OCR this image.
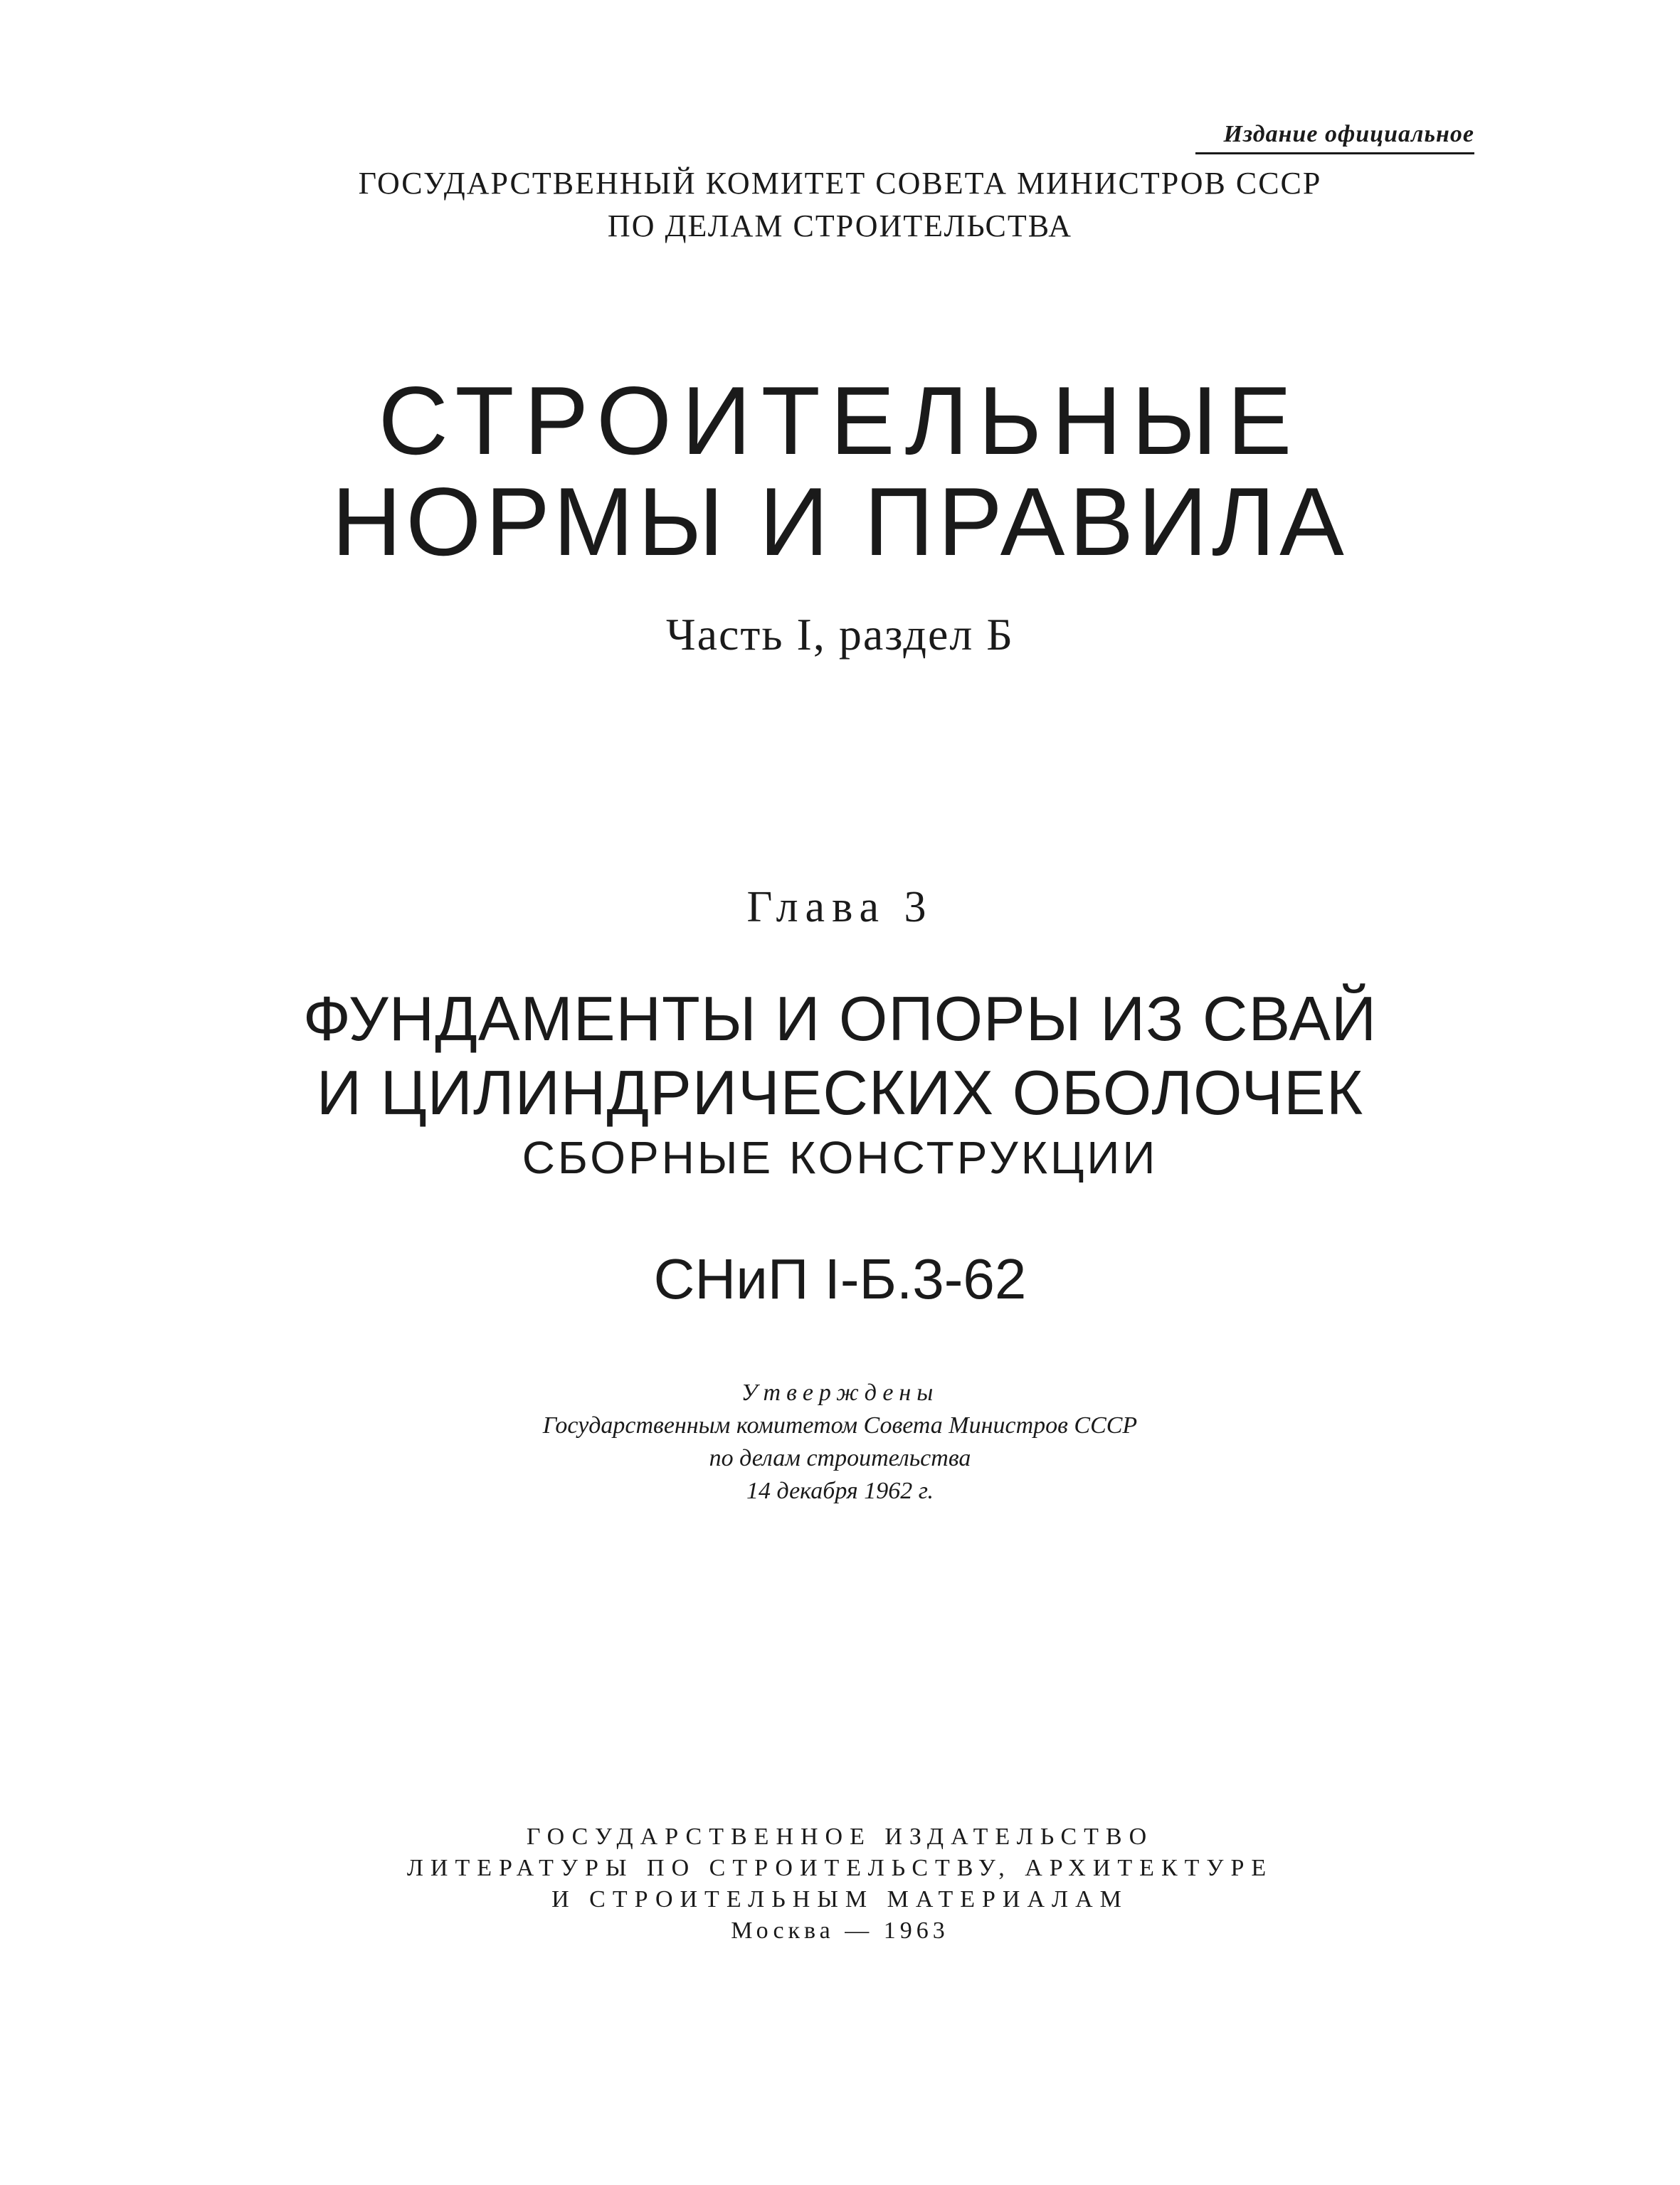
Издание официальное
ГОСУДАРСТВЕННЫЙ КОМИТЕТ СОВЕТА МИНИСТРОВ СССР
ПО ДЕЛАМ СТРОИТЕЛЬСТВА
СТРОИТЕЛЬНЫЕ
НОРМЫ И ПРАВИЛА
Часть I, раздел Б
Глава 3
ФУНДАМЕНТЫ И ОПОРЫ ИЗ СВАЙ
И ЦИЛИНДРИЧЕСКИХ ОБОЛОЧЕК
СБОРНЫЕ КОНСТРУКЦИИ
СНиП I-Б.3-62
Утверждены
Государственным комитетом Совета Министров СССР
по делам строительства
14 декабря 1962 г.
ГОСУДАРСТВЕННОЕ ИЗДАТЕЛЬСТВО
ЛИТЕРАТУРЫ ПО СТРОИТЕЛЬСТВУ, АРХИТЕКТУРЕ
И СТРОИТЕЛЬНЫМ МАТЕРИАЛАМ
Москва — 1963
